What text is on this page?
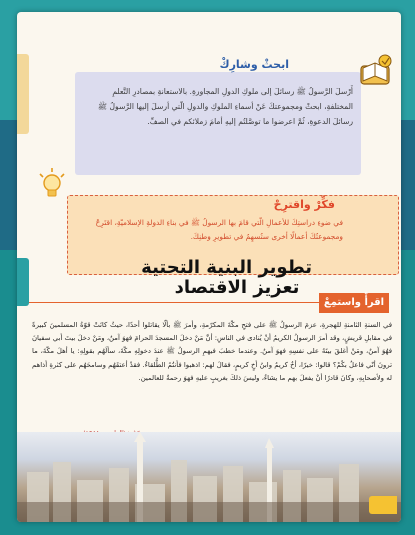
ابحثْ وشارِكْ
أَرْسلَ الرَّسولُ ﷺ رسائلَ إلى ملوكِ الدولِ المجاورةِ. بالاستعانةِ بمصادرِ التَّعلمِ المختلفةِ، ابحثْ ومجموعتكَ عَنْ أسماءِ الملوكِ والدولِ الّتي أرسلَ إليها الرَّسولُ ﷺ رسائلَ الدعوةِ، ثُمَّ اعرضوا ما توصَّلتُم إليهِ أمامَ زملائكم في الصفِّ.
فكِّرْ واقترِحْ
في ضوءِ دراستِكَ للأعمالِ الّتي قامَ بها الرسولُ ﷺ في بناءِ الدولةِ الإسلاميّةِ، اقتَرِحْ ومجموعتُكَ أعمالًا أخرى ستُسهِمُ في تطويرِ وطنِكَ.
تطوير البنية التحتية
تعزيز الاقتصاد
اقرأْ واستمِعْ
في السنةِ الثامنةِ للهجرةِ، عزمَ الرسولُ ﷺ على فتحِ مكّةَ المكرّمةِ، وأمرَ ﷺ بألّا يقاتلوا أحدًا، حيثُ كانَتْ قوّةُ المسلمينَ كبيرةً في مقابلِ قريشٍ، وقد أمرَ الرسولُ الكريمُ أنْ يُنادى في الناسِ: أنَّ مَنْ دخلَ المسجدَ الحرامَ فهوَ آمنٌ، ومَنْ دخلَ بيتَ أبي سفيانَ فهُوَ آمنٌ، ومَنْ أغلقَ بيتَهُ على نفسِهِ فهوَ آمنٌ. وعندما خطبَ فيهمِ الرسولُ ﷺ عندَ دخولِهِ مكّةَ، سألَهُم بقولِهِ: يا أهلَ مكّةَ، ما ترونَ أنّي فاعلٌ بكُمْ؟ قالوا: خيرًا، أخٌ كريمٌ وابنُ أخٍ كريمٍ، فقالَ لهم: اذهبوا فأنتُمُ الطُّلقاءُ. فقدْ أعتقَهُم وسامحَهُم على كثرةِ أذاهم له ولأصحابِهِ، وكانَ قادرًا أنْ يفعلَ بهم ما يشاءُ، وليسَ ذلكَ بغريبٍ عليهِ فهوَ رحمةٌ للعالمين.
